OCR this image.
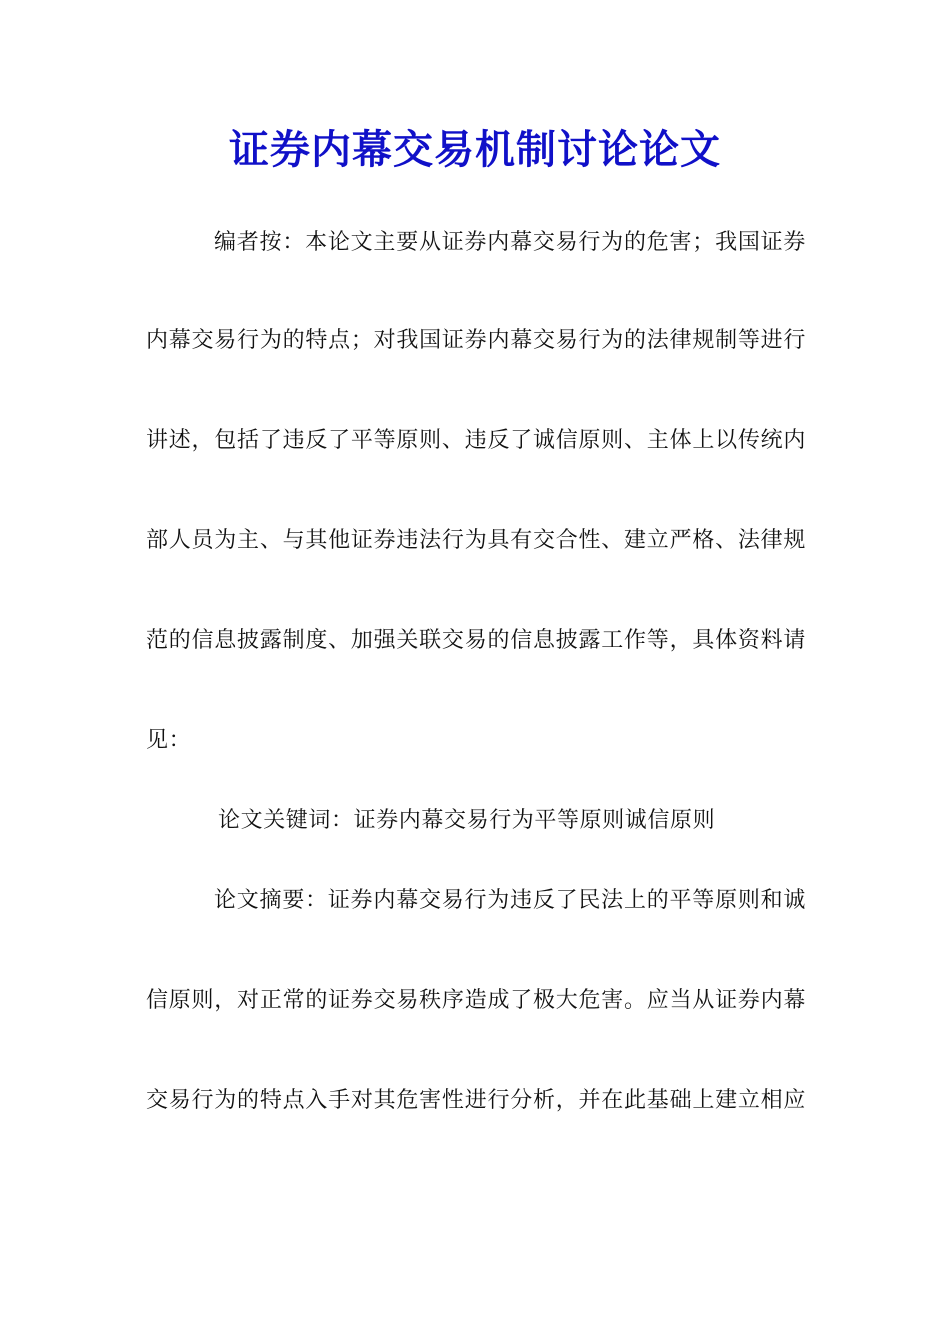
证券内幕交易机制讨论论文
编者按：本论文主要从证券内幕交易行为的危害；我国证券
内幕交易行为的特点；对我国证券内幕交易行为的法律规制等进行
讲述，包括了违反了平等原则、违反了诚信原则、主体上以传统内
部人员为主、与其他证券违法行为具有交合性、建立严格、法律规
范的信息披露制度、加强关联交易的信息披露工作等，具体资料请
见：
论文关键词：证券内幕交易行为平等原则诚信原则
论文摘要：证券内幕交易行为违反了民法上的平等原则和诚
信原则，对正常的证券交易秩序造成了极大危害。应当从证券内幕
交易行为的特点入手对其危害性进行分析，并在此基础上建立相应
